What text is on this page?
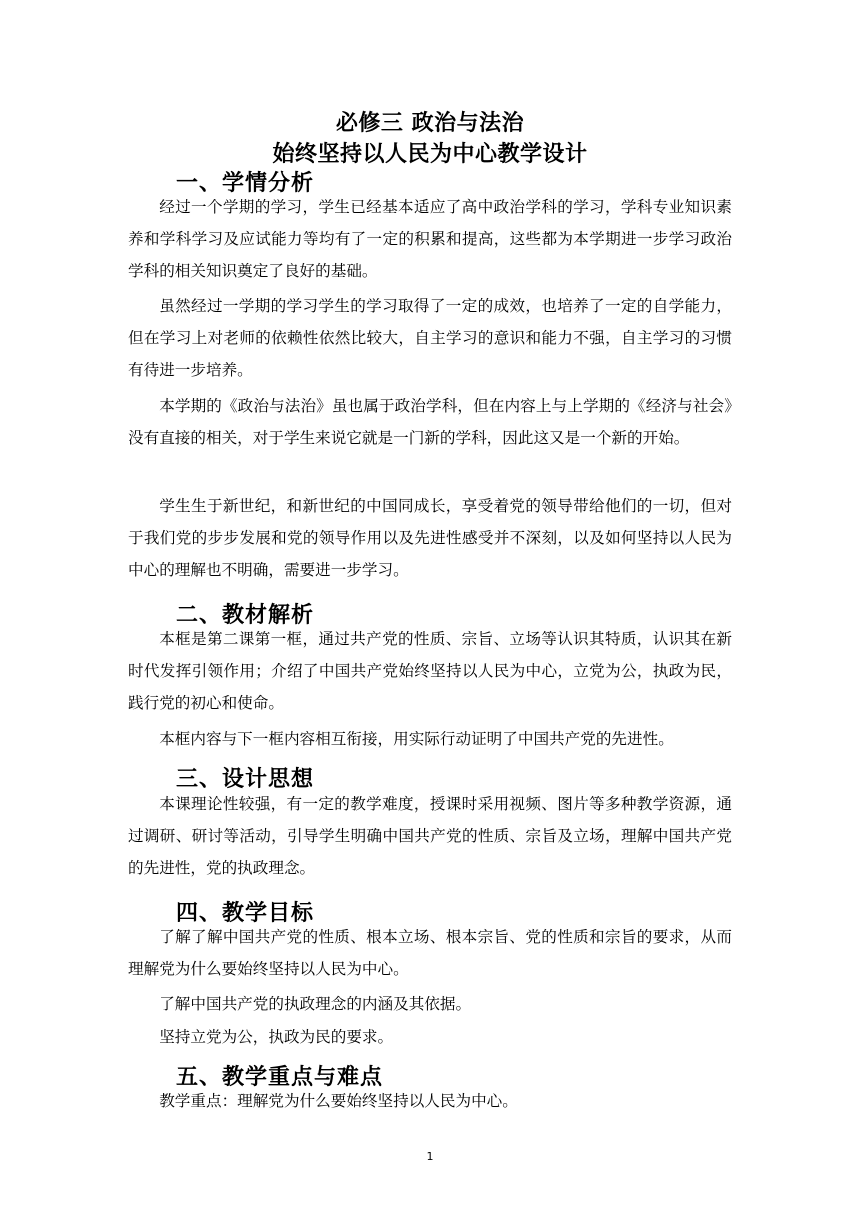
必修三 政治与法治
始终坚持以人民为中心教学设计
一、学情分析
经过一个学期的学习，学生已经基本适应了高中政治学科的学习，学科专业知识素养和学科学习及应试能力等均有了一定的积累和提高，这些都为本学期进一步学习政治学科的相关知识奠定了良好的基础。
虽然经过一学期的学习学生的学习取得了一定的成效，也培养了一定的自学能力，但在学习上对老师的依赖性依然比较大，自主学习的意识和能力不强，自主学习的习惯有待进一步培养。
本学期的《政治与法治》虽也属于政治学科，但在内容上与上学期的《经济与社会》没有直接的相关，对于学生来说它就是一门新的学科，因此这又是一个新的开始。
学生生于新世纪，和新世纪的中国同成长，享受着党的领导带给他们的一切，但对于我们党的步步发展和党的领导作用以及先进性感受并不深刻，以及如何坚持以人民为中心的理解也不明确，需要进一步学习。
二、教材解析
本框是第二课第一框，通过共产党的性质、宗旨、立场等认识其特质，认识其在新时代发挥引领作用；介绍了中国共产党始终坚持以人民为中心，立党为公，执政为民，践行党的初心和使命。
本框内容与下一框内容相互衔接，用实际行动证明了中国共产党的先进性。
三、设计思想
本课理论性较强，有一定的教学难度，授课时采用视频、图片等多种教学资源，通过调研、研讨等活动，引导学生明确中国共产党的性质、宗旨及立场，理解中国共产党的先进性，党的执政理念。
四、教学目标
了解了解中国共产党的性质、根本立场、根本宗旨、党的性质和宗旨的要求，从而理解党为什么要始终坚持以人民为中心。
了解中国共产党的执政理念的内涵及其依据。
坚持立党为公，执政为民的要求。
五、教学重点与难点
教学重点：理解党为什么要始终坚持以人民为中心。
1
